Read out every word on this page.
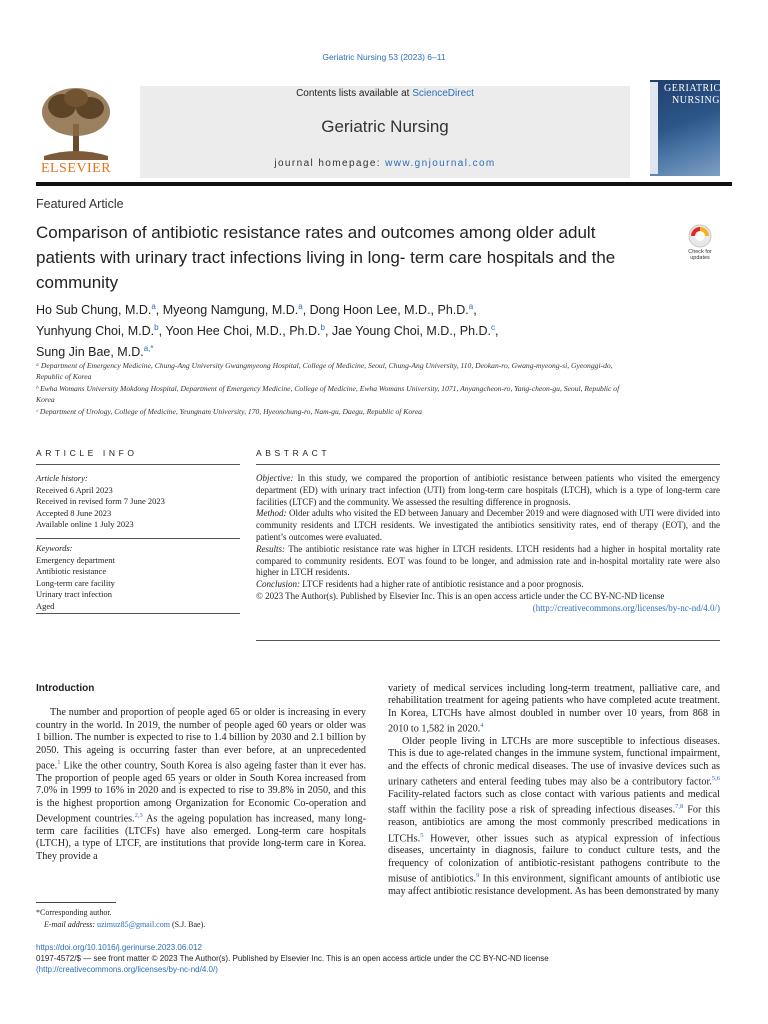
Geriatric Nursing 53 (2023) 6–11
ELSEVIER
Contents lists available at ScienceDirect
Geriatric Nursing
journal homepage: www.gnjournal.com
GERIATRIC
NURSING
Featured Article
Comparison of antibiotic resistance rates and outcomes among older adult patients with urinary tract infections living in long- term care hospitals and the community
Check for
updates
Ho Sub Chung, M.D.$^a$, Myeong Namgung, M.D.$^a$, Dong Hoon Lee, M.D., Ph.D.$^a$,
Yunhyung Choi, M.D.$^b$, Yoon Hee Choi, M.D., Ph.D.$^b$, Jae Young Choi, M.D., Ph.D.$^c$,
Sung Jin Bae, M.D.$^{a,*}$
ᵃ Department of Emergency Medicine, Chung-Ang University Gwangmyeong Hospital, College of Medicine, Seoul, Chung-Ang University, 110, Deokan-ro, Gwang-myeong-si, Gyeonggi-do, Republic of Korea
ᵇ Ewha Womans University Mokdong Hospital, Department of Emergency Medicine, College of Medicine, Ewha Womans University, 1071, Anyangcheon-ro, Yang-cheon-gu, Seoul, Republic of Korea
ᶜ Department of Urology, College of Medicine, Yeungnam University, 170, Hyeonchung-ro, Nam-gu, Daegu, Republic of Korea
ARTICLE INFO	ABSTRACT
Article history:
Received 6 April 2023
Received in revised form 7 June 2023
Accepted 8 June 2023
Available online 1 July 2023
Keywords:
Emergency department
Antibiotic resistance
Long-term care facility
Urinary tract infection
Aged

Objective: In this study, we compared the proportion of antibiotic resistance between patients who visited the emergency department (ED) with urinary tract infection (UTI) from long-term care hospitals (LTCH), which is a type of long-term care facilities (LTCF) and the community. We assessed the resulting difference in prognosis.

Method: Older adults who visited the ED between January and December 2019 and were diagnosed with UTI were divided into community residents and LTCH residents. We investigated the antibiotics sensitivity rates, end of therapy (EOT), and the patient’s outcomes were evaluated.

Results: The antibiotic resistance rate was higher in LTCH residents. LTCH residents had a higher in hospital mortality rate compared to community residents. EOT was found to be longer, and admission rate and in-hospital mortality rate were also higher in LTCH residents.

Conclusion: LTCF residents had a higher rate of antibiotic resistance and a poor prognosis.

© 2023 The Author(s). Published by Elsevier Inc. This is an open access article under the CC BY-NC-ND license

(http://creativecommons.org/licenses/by-nc-nd/4.0/)

Introduction

The number and proportion of people aged 65 or older is increasing in every country in the world. In 2019, the number of people aged 60 years or older was 1 billion. The number is expected to rise to 1.4 billion by 2030 and 2.1 billion by 2050. This ageing is occurring faster than ever before, at an unprecedented pace.$^1$ Like the other country, South Korea is also ageing faster than it ever has. The proportion of people aged 65 years or older in South Korea increased from 7.0% in 1999 to 16% in 2020 and is expected to rise to 39.8% in 2050, and this is the highest proportion among Organization for Economic Co-operation and Development countries.$^{2,3}$ As the ageing population has increased, many long-term care facilities (LTCFs) have also emerged. Long-term care hospitals (LTCH), a type of LTCF, are institutions that provide long-term care in Korea. They provide a

variety of medical services including long-term treatment, palliative care, and rehabilitation treatment for ageing patients who have completed acute treatment. In Korea, LTCHs have almost doubled in number over 10 years, from 868 in 2010 to 1,582 in 2020.$^4$

Older people living in LTCHs are more susceptible to infectious diseases. This is due to age-related changes in the immune system, functional impairment, and the effects of chronic medical diseases. The use of invasive devices such as urinary catheters and enteral feeding tubes may also be a contributory factor.$^{5,6}$ Facility-related factors such as close contact with various patients and medical staff within the facility pose a risk of spreading infectious diseases.$^{7,8}$ For this reason, antibiotics are among the most commonly prescribed medications in LTCHs.$^5$ However, other issues such as atypical expression of infectious diseases, uncertainty in diagnosis, failure to conduct culture tests, and the frequency of colonization of antibiotic-resistant pathogens contribute to the misuse of antibiotics.$^9$ In this environment, significant amounts of antibiotic use may affect antibiotic resistance development. As has been demonstrated by many

*Corresponding author.
E-mail address: uzimuz85@gmail.com (S.J. Bae).
https://doi.org/10.1016/j.gerinurse.2023.06.012
0197-4572/$ — see front matter © 2023 The Author(s). Published by Elsevier Inc. This is an open access article under the CC BY-NC-ND license
(http://creativecommons.org/licenses/by-nc-nd/4.0/)
